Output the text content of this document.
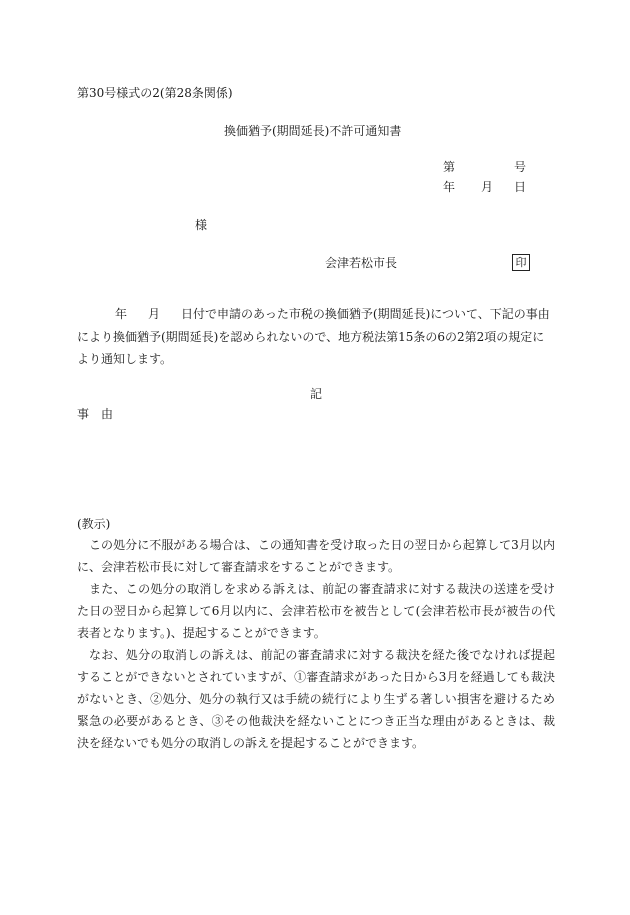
第30号様式の2(第28条関係)
換価猶予(期間延長)不許可通知書
第	号
年 月 日
様
会津若松市長	印
年 月 日付で申請のあった市税の換価猶予(期間延長)について、下記の事由
により換価猶予(期間延長)を認められないので、地方税法第15条の6の2第2項の規定に
より通知します。
記
事　由
(教示)

この処分に不服がある場合は、この通知書を受け取った日の翌日から起算して3月以内に、会津若松市長に対して審査請求をすることができます。

また、この処分の取消しを求める訴えは、前記の審査請求に対する裁決の送達を受けた日の翌日から起算して6月以内に、会津若松市を被告として(会津若松市長が被告の代表者となります。)、提起することができます。

なお、処分の取消しの訴えは、前記の審査請求に対する裁決を経た後でなければ提起することができないとされていますが、①審査請求があった日から3月を経過しても裁決がないとき、②処分、処分の執行又は手続の続行により生ずる著しい損害を避けるため緊急の必要があるとき、③その他裁決を経ないことにつき正当な理由があるときは、裁決を経ないでも処分の取消しの訴えを提起することができます。
